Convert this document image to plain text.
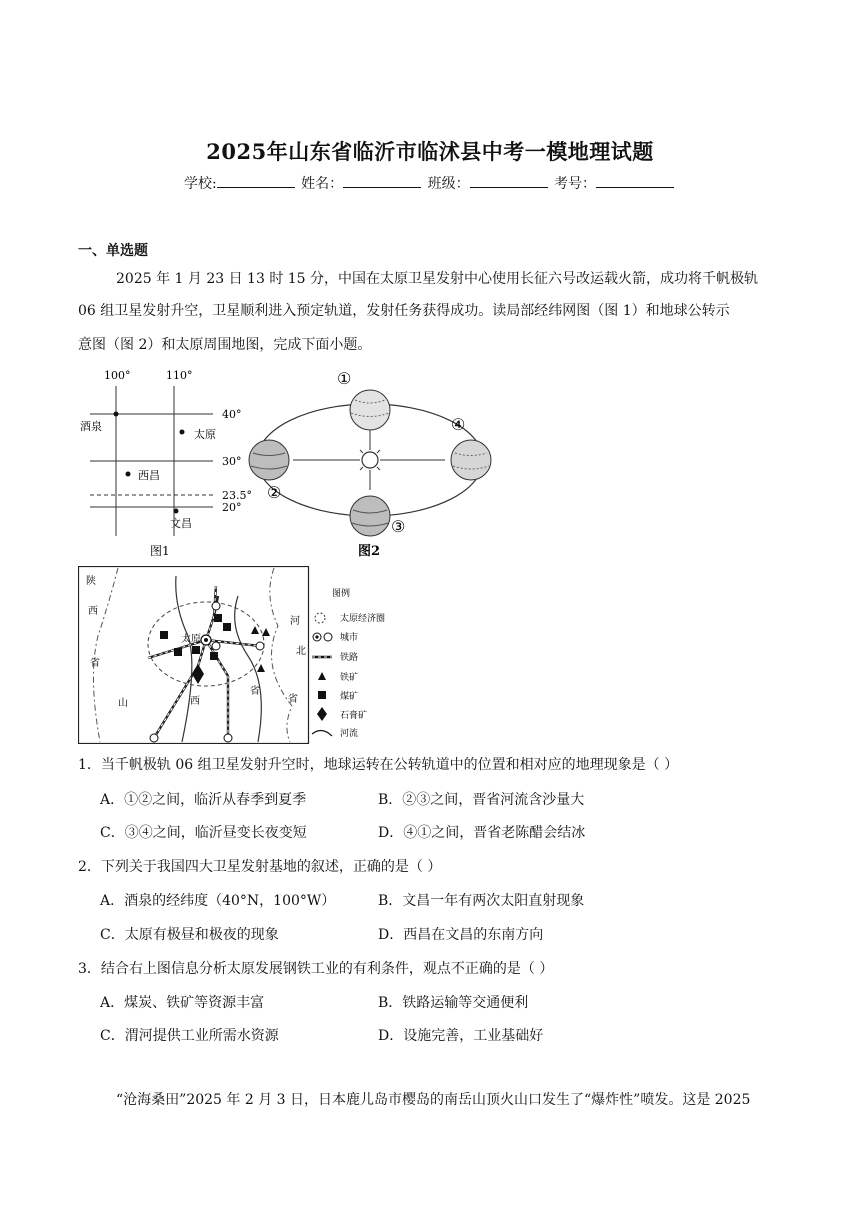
2025年山东省临沂市临沭县中考一模地理试题
学校:	姓名：	班级：	考号：
一、单选题
2025 年 1 月 23 日 13 时 15 分，中国在太原卫星发射中心使用长征六号改运载火箭，成功将千帆极轨
06 组卫星发射升空，卫星顺利进入预定轨道，发射任务获得成功。读局部经纬网图（图 1）和地球公转示
意图（图 2）和太原周围地图，完成下面小题。
100°	110°
40°
30°
23.5°
20°
酒泉
太原
西昌
文昌
图1
①
②
③
④
图2
太原
陕
西
省
山	西
省
河
北
省
图例
太原经济圈
城市
铁路
铁矿
煤矿
石膏矿
河流
1．当千帆极轨 06 组卫星发射升空时，地球运转在公转轨道中的位置和相对应的地理现象是（ ）
A．①②之间，临沂从春季到夏季	B．②③之间，晋省河流含沙量大
C．③④之间，临沂昼变长夜变短	D．④①之间，晋省老陈醋会结冰
2．下列关于我国四大卫星发射基地的叙述，正确的是（ ）
A．酒泉的经纬度（40°N，100°W）	B．文昌一年有两次太阳直射现象
C．太原有极昼和极夜的现象	D．西昌在文昌的东南方向
3．结合右上图信息分析太原发展钢铁工业的有利条件，观点不正确的是（ ）
A．煤炭、铁矿等资源丰富	B．铁路运输等交通便利
C．渭河提供工业所需水资源	D．设施完善，工业基础好
“沧海桑田”2025 年 2 月 3 日，日本鹿儿岛市樱岛的南岳山顶火山口发生了“爆炸性”喷发。这是 2025
